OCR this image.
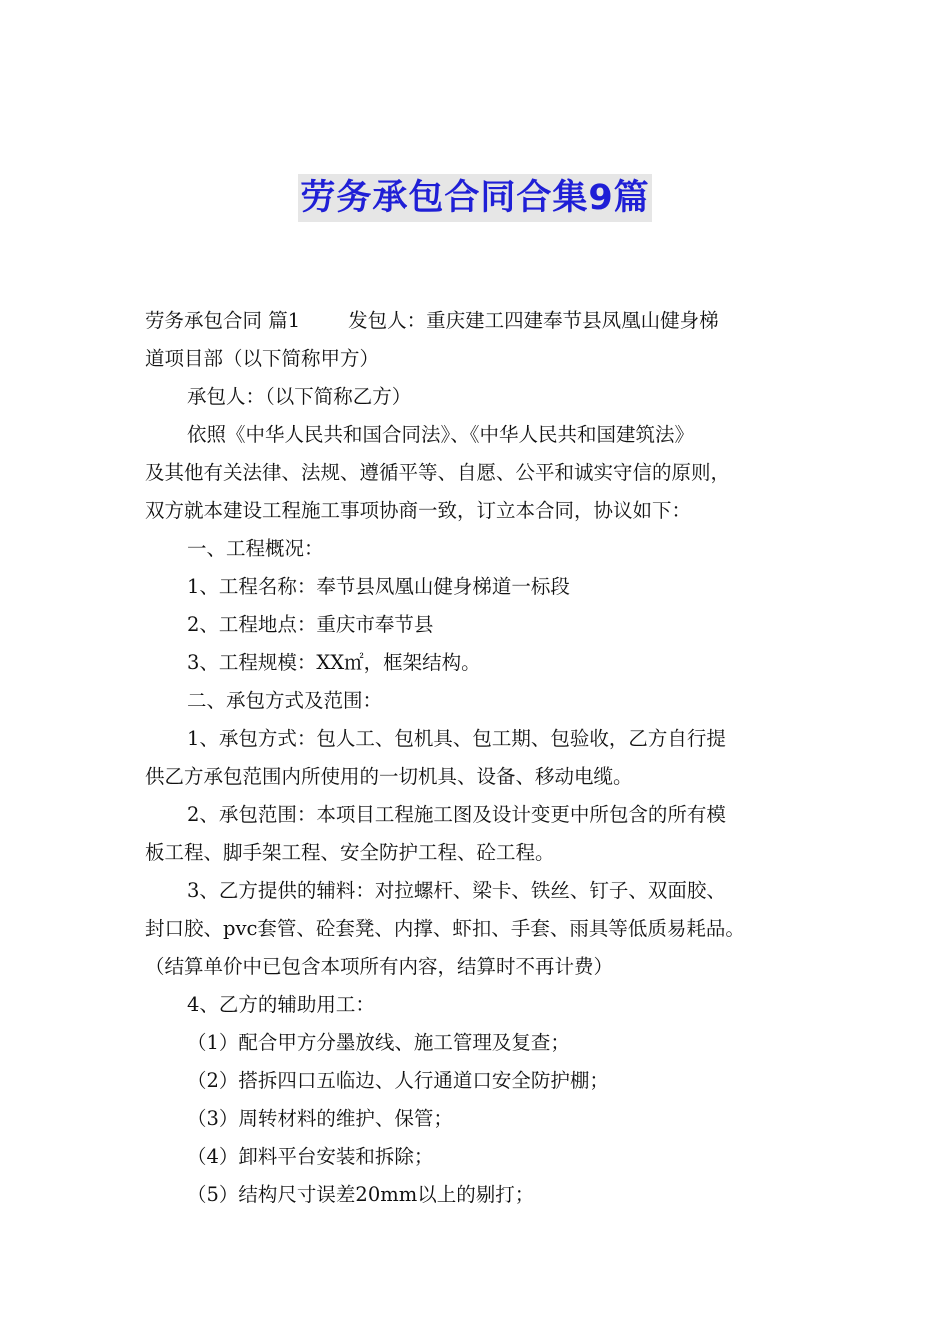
劳务承包合同合集9篇

劳务承包合同 篇1 发包人：重庆建工四建奉节县凤凰山健身梯

道项目部（以下简称甲方）

承包人：（以下简称乙方）

依照《中华人民共和国合同法》、《中华人民共和国建筑法》

及其他有关法律、法规、遵循平等、自愿、公平和诚实守信的原则，

双方就本建设工程施工事项协商一致，订立本合同，协议如下：

一、工程概况：

1、工程名称：奉节县凤凰山健身梯道一标段

2、工程地点：重庆市奉节县

3、工程规模：XX㎡，框架结构。

二、承包方式及范围：

1、承包方式：包人工、包机具、包工期、包验收，乙方自行提

供乙方承包范围内所使用的一切机具、设备、移动电缆。

2、承包范围：本项目工程施工图及设计变更中所包含的所有模

板工程、脚手架工程、安全防护工程、砼工程。

3、乙方提供的辅料：对拉螺杆、梁卡、铁丝、钉子、双面胶、

封口胶、pvc套管、砼套凳、内撑、虾扣、手套、雨具等低质易耗品。

（结算单价中已包含本项所有内容，结算时不再计费）

4、乙方的辅助用工：

（1）配合甲方分墨放线、施工管理及复查；

（2）搭拆四口五临边、人行通道口安全防护棚；

（3）周转材料的维护、保管；

（4）卸料平台安装和拆除；

（5）结构尺寸误差20mm以上的剔打；
